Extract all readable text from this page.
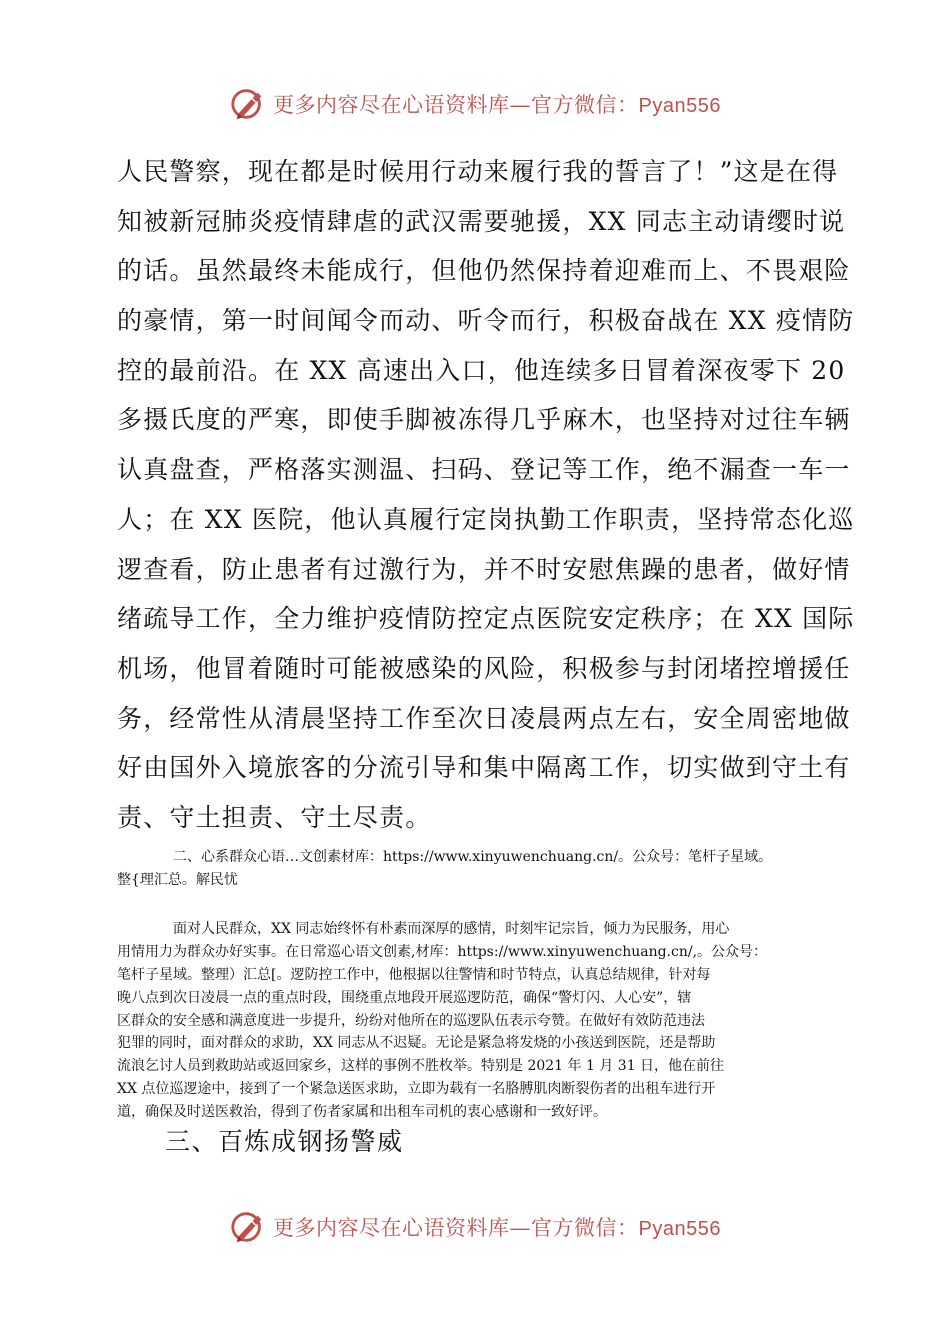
更多内容尽在心语资料库—官方微信：Pyan556
人民警察，现在都是时候用行动来履行我的誓言了！”这是在得
知被新冠肺炎疫情肆虐的武汉需要驰援，XX 同志主动请缨时说
的话。虽然最终未能成行，但他仍然保持着迎难而上、不畏艰险
的豪情，第一时间闻令而动、听令而行，积极奋战在 XX 疫情防
控的最前沿。在 XX 高速出入口，他连续多日冒着深夜零下 20
多摄氏度的严寒，即使手脚被冻得几乎麻木，也坚持对过往车辆
认真盘查，严格落实测温、扫码、登记等工作，绝不漏查一车一
人；在 XX 医院，他认真履行定岗执勤工作职责，坚持常态化巡
逻查看，防止患者有过激行为，并不时安慰焦躁的患者，做好情
绪疏导工作，全力维护疫情防控定点医院安定秩序；在 XX 国际
机场，他冒着随时可能被感染的风险，积极参与封闭堵控增援任
务，经常性从清晨坚持工作至次日凌晨两点左右，安全周密地做
好由国外入境旅客的分流引导和集中隔离工作，切实做到守土有
责、守土担责、守土尽责。
　　　　二、心系群众心语…文创素材库：https://www.xinyuwenchuang.cn/。公众号：笔杆子星域。
整{理汇总。解民忧
　　　　面对人民群众，XX 同志始终怀有朴素而深厚的感情，时刻牢记宗旨，倾力为民服务，用心
用情用力为群众办好实事。在日常巡心语文创素,材库：https://www.xinyuwenchuang.cn/,。公众号：
笔杆子星域。整理）汇总[。逻防控工作中，他根据以往警情和时节特点，认真总结规律，针对每
晚八点到次日凌晨一点的重点时段，围绕重点地段开展巡逻防范，确保“警灯闪、人心安”，辖
区群众的安全感和满意度进一步提升，纷纷对他所在的巡逻队伍表示夸赞。在做好有效防范违法
犯罪的同时，面对群众的求助，XX 同志从不迟疑。无论是紧急将发烧的小孩送到医院，还是帮助
流浪乞讨人员到救助站或返回家乡，这样的事例不胜枚举。特别是 2021 年 1 月 31 日，他在前往
XX 点位巡逻途中，接到了一个紧急送医求助，立即为载有一名胳膊肌肉断裂伤者的出租车进行开
道，确保及时送医救治，得到了伤者家属和出租车司机的衷心感谢和一致好评。
三、百炼成钢扬警威
更多内容尽在心语资料库—官方微信：Pyan556
